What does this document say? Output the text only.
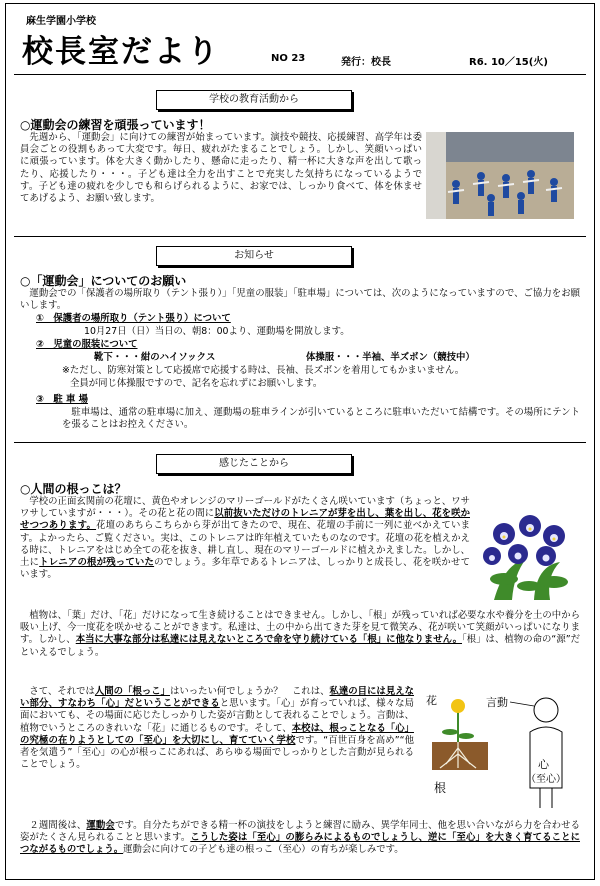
麻生学園小学校
校長室だより	NO 23	発行：校長	R6. 10／15(火)
学校の教育活動から
○運動会の練習を頑張っています！
先週から、「運動会」に向けての練習が始まっています。演技や競技、応援練習、高学年は委員会ごとの役割もあって大変です。毎日、疲れがたまることでしょう。しかし、笑顔いっぱいに頑張っています。体を大きく動かしたり、懸命に走ったり、精一杯に大きな声を出して歌ったり、応援したり・・・。子ども達は全力を出すことで充実した気持ちになっているようです。子ども達の疲れを少しでも和らげられるように、お家では、しっかり食べて、体を休ませてあげるよう、お願い致します。
お知らせ
○「運動会」についてのお願い
運動会での「保護者の場所取り（テント張り）」「児童の服装」「駐車場」については、次のようになっていますので、ご協力をお願いします。
①　保護者の場所取り（テント張り）について
10月27日（日）当日の、朝8：00より、運動場を開放します。
②　児童の服装について
靴下・・・紺のハイソックス	体操服・・・半袖、半ズボン（競技中）
※ただし、防寒対策として応援席で応援する時は、長袖、長ズボンを着用してもかまいません。
全員が同じ体操服ですので、記名を忘れずにお願いします。
③　駐 車 場
駐車場は、通常の駐車場に加え、運動場の駐車ラインが引いているところに駐車いただいて結構です。その場所にテントを張ることはお控えください。
感じたことから
○人間の根っこは？
学校の正面玄関前の花壇に、黄色やオレンジのマリーゴールドがたくさん咲いています（ちょっと、ワサワサしていますが・・・）。その花と花の間に以前抜いただけのトレニアが芽を出し、葉を出し、花を咲かせつつあります。花壇のあちらこちらから芽が出てきたので、現在、花壇の手前に一列に並べかえています。よかったら、ご覧ください。実は、このトレニアは昨年植えていたものなのです。花壇の花を植えかえる時に、トレニアをはじめ全ての花を抜き、耕し直し、現在のマリーゴールドに植えかえました。しかし、土にトレニアの根が残っていたのでしょう。多年草であるトレニアは、しっかりと成長し、花を咲かせています。
植物は、「葉」だけ、「花」だけになって生き続けることはできません。しかし、「根」が残っていれば必要な水や養分を土の中から吸い上げ、今一度花を咲かせることができます。私達は、土の中から出てきた芽を見て微笑み、花が咲いて笑顔がいっぱいになります。しかし、本当に大事な部分は私達には見えないところで命を守り続けている「根」に他なりません。「根」は、植物の命の“源”だといえるでしょう。
さて、それでは人間の「根っこ」はいったい何でしょうか？　これは、私達の目には見えない部分、すなわち「心」だということができると思います。「心」が育っていれば、様々な局面においても、その場面に応じたしっかりした姿が言動として表れることでしょう。言動は、植物でいうところのきれいな「花」に通じるものです。そして、本校は、根っことなる「心」の究極の在りようとしての「至心」を大切にし、育てていく学校です。“百世百身を高め”“他者を気遣う”「至心」の心が根っこにあれば、あらゆる場面でしっかりとした言動が見られることでしょう。
花	言動
根
心
（至心）
２週間後は、運動会です。自分たちができる精一杯の演技をしようと練習に励み、異学年同士、他を思い合いながら力を合わせる姿がたくさん見られることと思います。こうした姿は「至心」の膨らみによるものでしょうし、逆に「至心」を大きく育てることにつながるものでしょう。運動会に向けての子ども達の根っこ（至心）の育ちが楽しみです。
